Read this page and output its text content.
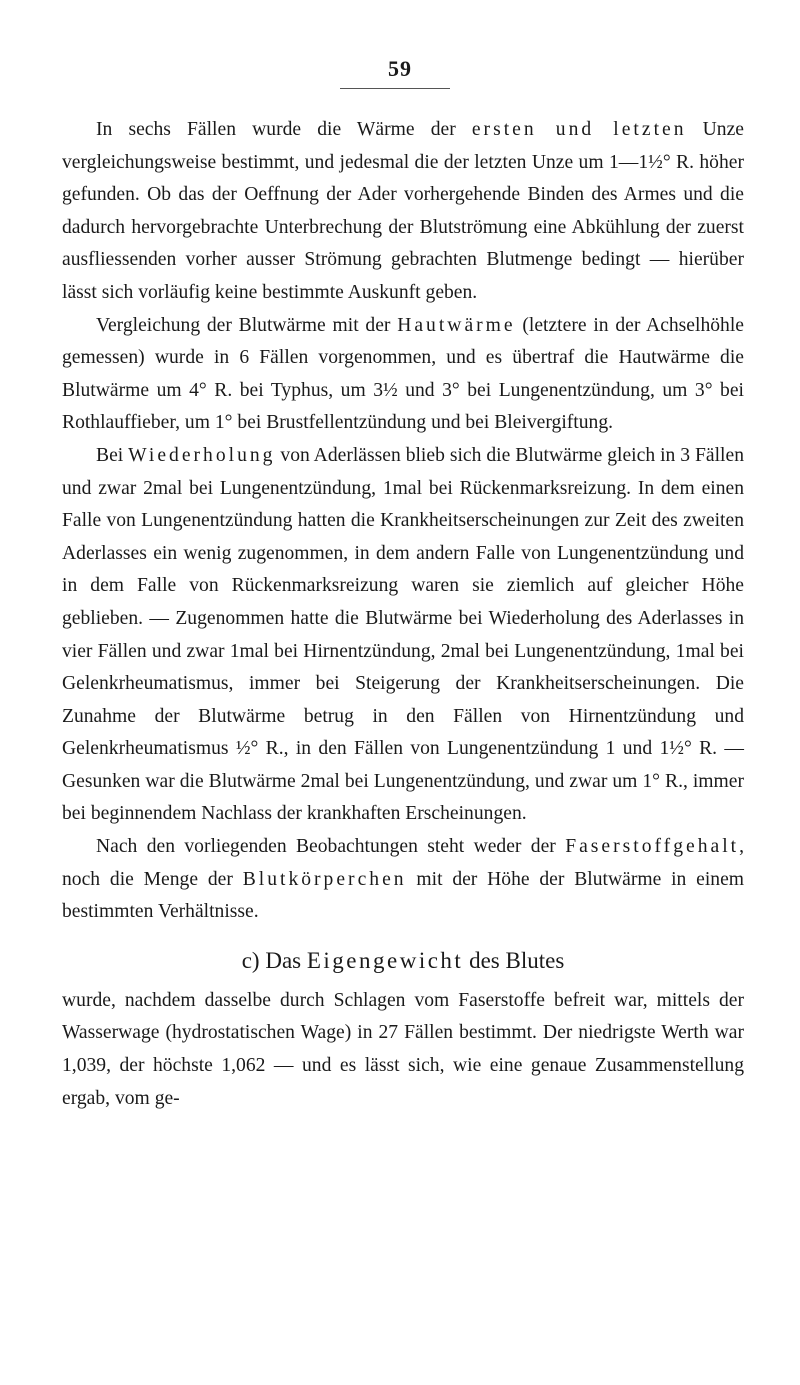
59

In sechs Fällen wurde die Wärme der ersten und letzten Unze vergleichungsweise bestimmt, und jedesmal die der letzten Unze um 1—1½° R. höher gefunden. Ob das der Oeffnung der Ader vorhergehende Binden des Armes und die dadurch hervorgebrachte Unterbrechung der Blutströmung eine Abkühlung der zuerst ausfliessenden vorher ausser Strömung gebrachten Blutmenge bedingt — hierüber lässt sich vorläufig keine bestimmte Auskunft geben.

Vergleichung der Blutwärme mit der Hautwärme (letztere in der Achselhöhle gemessen) wurde in 6 Fällen vorgenommen, und es übertraf die Hautwärme die Blutwärme um 4° R. bei Typhus, um 3½ und 3° bei Lungenentzündung, um 3° bei Rothlauffieber, um 1° bei Brustfellentzündung und bei Bleivergiftung.

Bei Wiederholung von Aderlässen blieb sich die Blutwärme gleich in 3 Fällen und zwar 2mal bei Lungenentzündung, 1mal bei Rückenmarksreizung. In dem einen Falle von Lungenentzündung hatten die Krankheitserscheinungen zur Zeit des zweiten Aderlasses ein wenig zugenommen, in dem andern Falle von Lungenentzündung und in dem Falle von Rückenmarksreizung waren sie ziemlich auf gleicher Höhe geblieben. — Zugenommen hatte die Blutwärme bei Wiederholung des Aderlasses in vier Fällen und zwar 1mal bei Hirnentzündung, 2mal bei Lungenentzündung, 1mal bei Gelenkrheumatismus, immer bei Steigerung der Krankheitserscheinungen. Die Zunahme der Blutwärme betrug in den Fällen von Hirnentzündung und Gelenkrheumatismus ½° R., in den Fällen von Lungenentzündung 1 und 1½° R. — Gesunken war die Blutwärme 2mal bei Lungenentzündung, und zwar um 1° R., immer bei beginnendem Nachlass der krankhaften Erscheinungen.

Nach den vorliegenden Beobachtungen steht weder der Faserstoffgehalt, noch die Menge der Blutkörperchen mit der Höhe der Blutwärme in einem bestimmten Verhältnisse.

c) Das Eigengewicht des Blutes

wurde, nachdem dasselbe durch Schlagen vom Faserstoffe befreit war, mittels der Wasserwage (hydrostatischen Wage) in 27 Fällen bestimmt. Der niedrigste Werth war 1,039, der höchste 1,062 — und es lässt sich, wie eine genaue Zusammenstellung ergab, vom ge-
